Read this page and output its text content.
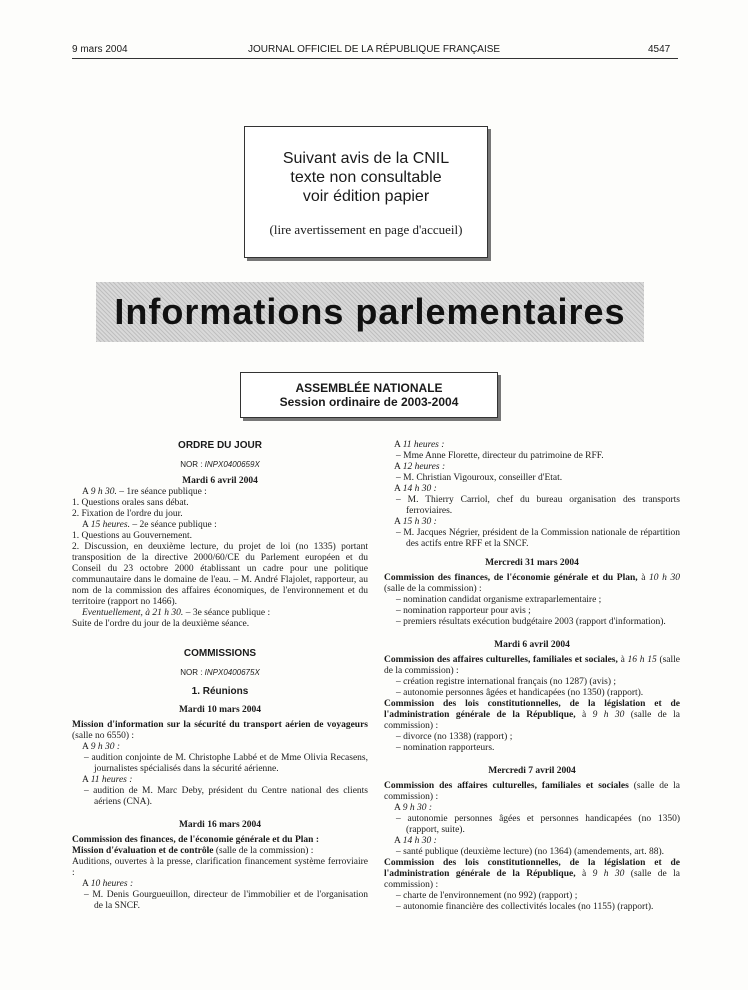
9 mars 2004	JOURNAL OFFICIEL DE LA RÉPUBLIQUE FRANÇAISE	4547
Suivant avis de la CNIL
texte non consultable
voir édition papier
(lire avertissement en page d'accueil)
Informations parlementaires
ASSEMBLÉE NATIONALE
Session ordinaire de 2003-2004

ORDRE DU JOUR

NOR : INPX0400659X

Mardi 6 avril 2004

A 9 h 30. – 1re séance publique :

1. Questions orales sans débat.

2. Fixation de l'ordre du jour.

A 15 heures. – 2e séance publique :

1. Questions au Gouvernement.

2. Discussion, en deuxième lecture, du projet de loi (no 1335) portant transposition de la directive 2000/60/CE du Parlement européen et du Conseil du 23 octobre 2000 établissant un cadre pour une politique communautaire dans le domaine de l'eau. – M. André Flajolet, rapporteur, au nom de la commission des affaires économiques, de l'environnement et du territoire (rapport no 1466).

Eventuellement, à 21 h 30. – 3e séance publique :

Suite de l'ordre du jour de la deuxième séance.

COMMISSIONS

NOR : INPX0400675X

1. Réunions

Mardi 10 mars 2004

Mission d'information sur la sécurité du transport aérien de voyageurs (salle no 6550) :

A 9 h 30 :

– audition conjointe de M. Christophe Labbé et de Mme Olivia Recasens, journalistes spécialisés dans la sécurité aérienne.

A 11 heures :

– audition de M. Marc Deby, président du Centre national des clients aériens (CNA).

Mardi 16 mars 2004

Commission des finances, de l'économie générale et du Plan :

Mission d'évaluation et de contrôle (salle de la commission) :

Auditions, ouvertes à la presse, clarification financement système ferroviaire :

A 10 heures :

– M. Denis Gourgueuillon, directeur de l'immobilier et de l'organisation de la SNCF.

A 11 heures :

– Mme Anne Florette, directeur du patrimoine de RFF.

A 12 heures :

– M. Christian Vigouroux, conseiller d'Etat.

A 14 h 30 :

– M. Thierry Carriol, chef du bureau organisation des transports ferroviaires.

A 15 h 30 :

– M. Jacques Négrier, président de la Commission nationale de répartition des actifs entre RFF et la SNCF.

Mercredi 31 mars 2004

Commission des finances, de l'économie générale et du Plan, à 10 h 30 (salle de la commission) :

– nomination candidat organisme extraparlementaire ;

– nomination rapporteur pour avis ;

– premiers résultats exécution budgétaire 2003 (rapport d'information).

Mardi 6 avril 2004

Commission des affaires culturelles, familiales et sociales, à 16 h 15 (salle de la commission) :

– création registre international français (no 1287) (avis) ;

– autonomie personnes âgées et handicapées (no 1350) (rapport).

Commission des lois constitutionnelles, de la législation et de l'administration générale de la République, à 9 h 30 (salle de la commission) :

– divorce (no 1338) (rapport) ;

– nomination rapporteurs.

Mercredi 7 avril 2004

Commission des affaires culturelles, familiales et sociales (salle de la commission) :

A 9 h 30 :

– autonomie personnes âgées et personnes handicapées (no 1350) (rapport, suite).

A 14 h 30 :

– santé publique (deuxième lecture) (no 1364) (amendements, art. 88).

Commission des lois constitutionnelles, de la législation et de l'administration générale de la République, à 9 h 30 (salle de la commission) :

– charte de l'environnement (no 992) (rapport) ;

– autonomie financière des collectivités locales (no 1155) (rapport).
